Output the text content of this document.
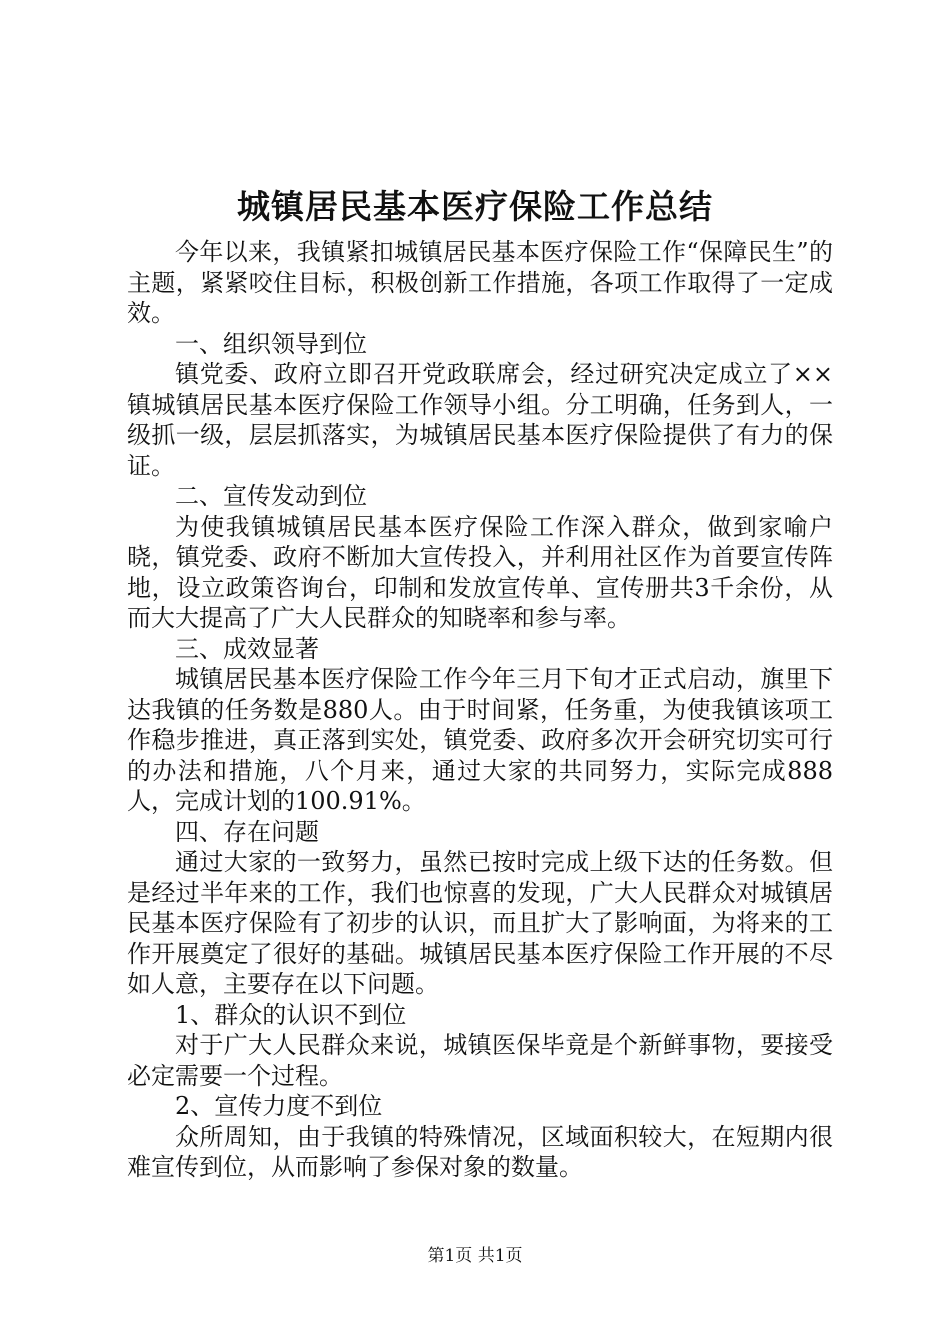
城镇居民基本医疗保险工作总结

今年以来，我镇紧扣城镇居民基本医疗保险工作“保障民生”的主题，紧紧咬住目标，积极创新工作措施，各项工作取得了一定成效。

一、组织领导到位

镇党委、政府立即召开党政联席会，经过研究决定成立了××镇城镇居民基本医疗保险工作领导小组。分工明确，任务到人，一级抓一级，层层抓落实，为城镇居民基本医疗保险提供了有力的保证。

二、宣传发动到位

为使我镇城镇居民基本医疗保险工作深入群众，做到家喻户晓，镇党委、政府不断加大宣传投入，并利用社区作为首要宣传阵地，设立政策咨询台，印制和发放宣传单、宣传册共3千余份，从而大大提高了广大人民群众的知晓率和参与率。

三、成效显著

城镇居民基本医疗保险工作今年三月下旬才正式启动，旗里下达我镇的任务数是880人。由于时间紧，任务重，为使我镇该项工作稳步推进，真正落到实处，镇党委、政府多次开会研究切实可行的办法和措施，八个月来，通过大家的共同努力，实际完成888人，完成计划的100.91%。

四、存在问题

通过大家的一致努力，虽然已按时完成上级下达的任务数。但是经过半年来的工作，我们也惊喜的发现，广大人民群众对城镇居民基本医疗保险有了初步的认识，而且扩大了影响面，为将来的工作开展奠定了很好的基础。城镇居民基本医疗保险工作开展的不尽如人意，主要存在以下问题。

1、群众的认识不到位

对于广大人民群众来说，城镇医保毕竟是个新鲜事物，要接受必定需要一个过程。

2、宣传力度不到位

众所周知，由于我镇的特殊情况，区域面积较大，在短期内很难宣传到位，从而影响了参保对象的数量。

第1页 共1页
